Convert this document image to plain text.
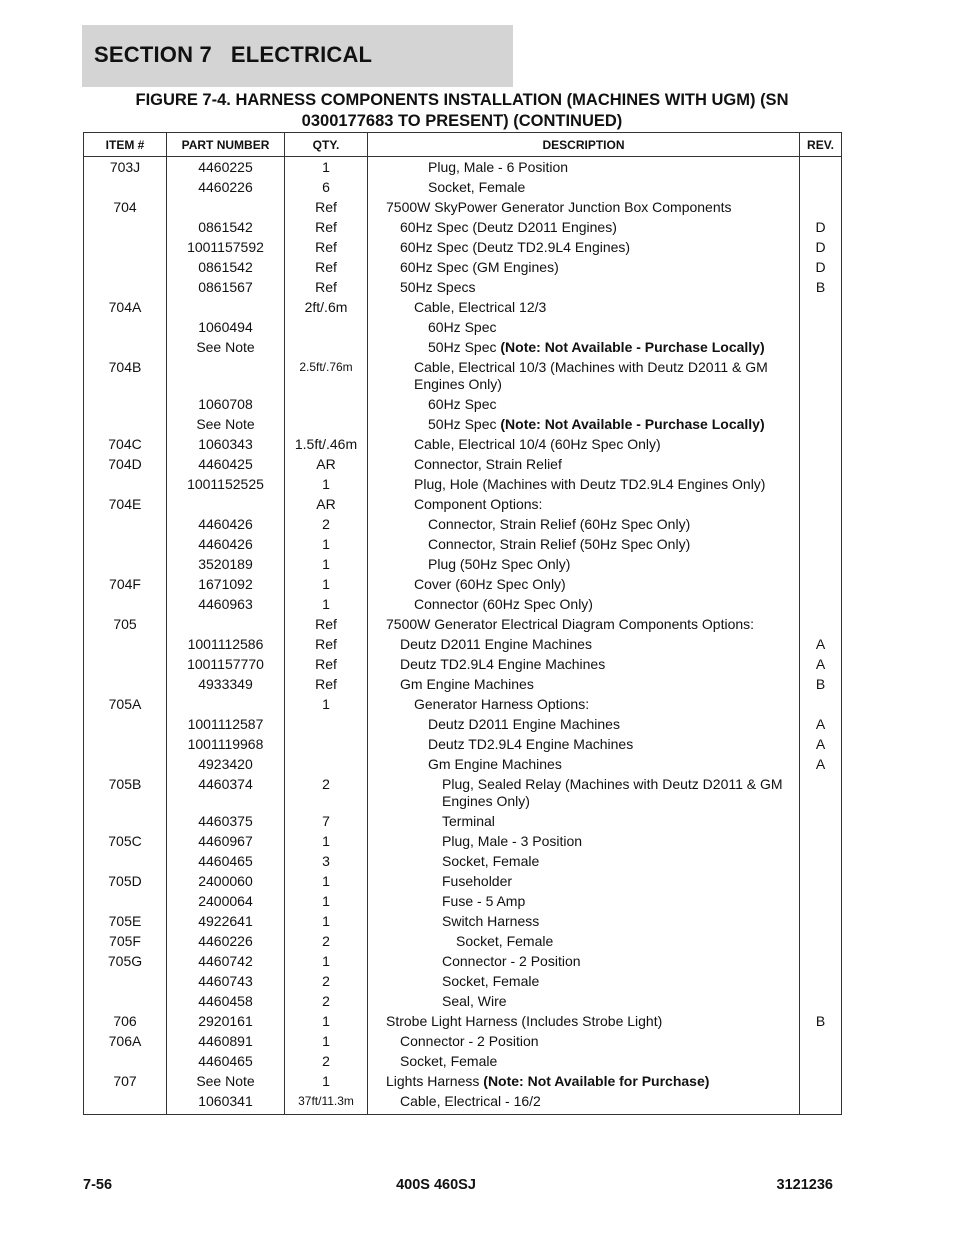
SECTION 7   ELECTRICAL
FIGURE 7-4. HARNESS COMPONENTS INSTALLATION (MACHINES WITH UGM) (SN
0300177683 TO PRESENT) (CONTINUED)
ITEM #	PART NUMBER	QTY.	DESCRIPTION	REV.
703J	4460225	1	Plug, Male - 6 Position	
	4460226	6	Socket, Female	
704		Ref	7500W SkyPower Generator Junction Box Components	
	0861542	Ref	60Hz Spec (Deutz D2011 Engines)	D
	1001157592	Ref	60Hz Spec (Deutz TD2.9L4 Engines)	D
	0861542	Ref	60Hz Spec (GM Engines)	D
	0861567	Ref	50Hz Specs	B
704A		2ft/.6m	Cable, Electrical 12/3	
	1060494		60Hz Spec	
	See Note		50Hz Spec (Note: Not Available - Purchase Locally)	
704B		2.5ft/.76m	Cable, Electrical 10/3 (Machines with Deutz D2011 & GM Engines Only)	
	1060708		60Hz Spec	
	See Note		50Hz Spec (Note: Not Available - Purchase Locally)	
704C	1060343	1.5ft/.46m	Cable, Electrical 10/4 (60Hz Spec Only)	
704D	4460425	AR	Connector, Strain Relief	
	1001152525	1	Plug, Hole (Machines with Deutz TD2.9L4 Engines Only)	
704E		AR	Component Options:	
	4460426	2	Connector, Strain Relief (60Hz Spec Only)	
	4460426	1	Connector, Strain Relief (50Hz Spec Only)	
	3520189	1	Plug (50Hz Spec Only)	
704F	1671092	1	Cover (60Hz Spec Only)	
	4460963	1	Connector (60Hz Spec Only)	
705		Ref	7500W Generator Electrical Diagram Components Options:	
	1001112586	Ref	Deutz D2011 Engine Machines	A
	1001157770	Ref	Deutz TD2.9L4 Engine Machines	A
	4933349	Ref	Gm Engine Machines	B
705A		1	Generator Harness Options:	
	1001112587		Deutz D2011 Engine Machines	A
	1001119968		Deutz TD2.9L4 Engine Machines	A
	4923420		Gm Engine Machines	A
705B	4460374	2	Plug, Sealed Relay (Machines with Deutz D2011 & GM Engines Only)	
	4460375	7	Terminal	
705C	4460967	1	Plug, Male - 3 Position	
	4460465	3	Socket, Female	
705D	2400060	1	Fuseholder	
	2400064	1	Fuse - 5 Amp	
705E	4922641	1	Switch Harness	
705F	4460226	2	Socket, Female	
705G	4460742	1	Connector - 2 Position	
	4460743	2	Socket, Female	
	4460458	2	Seal, Wire	
706	2920161	1	Strobe Light Harness (Includes Strobe Light)	B
706A	4460891	1	Connector - 2 Position	
	4460465	2	Socket, Female	
707	See Note	1	Lights Harness (Note: Not Available for Purchase)	
	1060341	37ft/11.3m	Cable, Electrical - 16/2	
7-56	400S 460SJ	3121236
